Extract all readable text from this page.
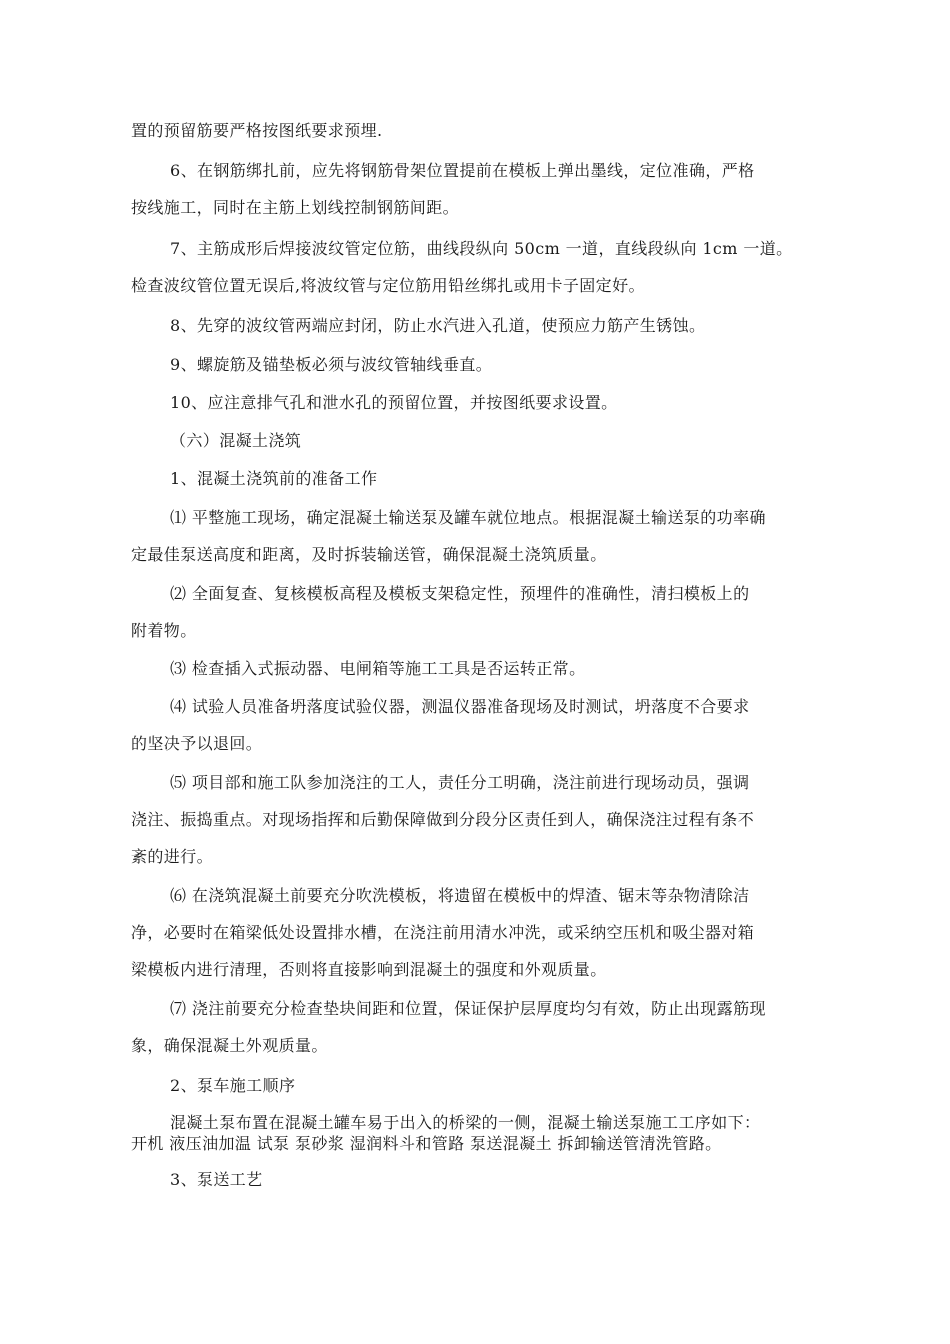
置的预留筋要严格按图纸要求预埋.
6、在钢筋绑扎前，应先将钢筋骨架位置提前在模板上弹出墨线，定位准确，严格
按线施工，同时在主筋上划线控制钢筋间距。
7、主筋成形后焊接波纹管定位筋，曲线段纵向 50cm 一道，直线段纵向 1cm 一道。
检查波纹管位置无误后,将波纹管与定位筋用铅丝绑扎或用卡子固定好。
8、先穿的波纹管两端应封闭，防止水汽进入孔道，使预应力筋产生锈蚀。
9、螺旋筋及锚垫板必须与波纹管轴线垂直。
10、应注意排气孔和泄水孔的预留位置，并按图纸要求设置。
（六）混凝土浇筑
1、混凝土浇筑前的准备工作
⑴ 平整施工现场，确定混凝土输送泵及罐车就位地点。根据混凝土输送泵的功率确
定最佳泵送高度和距离，及时拆装输送管，确保混凝土浇筑质量。
⑵ 全面复查、复核模板高程及模板支架稳定性，预埋件的准确性，清扫模板上的
附着物。
⑶ 检查插入式振动器、电闸箱等施工工具是否运转正常。
⑷ 试验人员准备坍落度试验仪器，测温仪器准备现场及时测试，坍落度不合要求
的坚决予以退回。
⑸ 项目部和施工队参加浇注的工人，责任分工明确，浇注前进行现场动员，强调
浇注、振捣重点。对现场指挥和后勤保障做到分段分区责任到人，确保浇注过程有条不
紊的进行。
⑹ 在浇筑混凝土前要充分吹洗模板，将遗留在模板中的焊渣、锯末等杂物清除洁
净，必要时在箱梁低处设置排水槽，在浇注前用清水冲洗，或采纳空压机和吸尘器对箱
梁模板内进行清理，否则将直接影响到混凝土的强度和外观质量。
⑺ 浇注前要充分检查垫块间距和位置，保证保护层厚度均匀有效，防止出现露筋现
象，确保混凝土外观质量。
2、泵车施工顺序
混凝土泵布置在混凝土罐车易于出入的桥梁的一侧，混凝土输送泵施工工序如下：
开机 液压油加温 试泵 泵砂浆 湿润料斗和管路 泵送混凝土 拆卸输送管清洗管路。
3、泵送工艺
